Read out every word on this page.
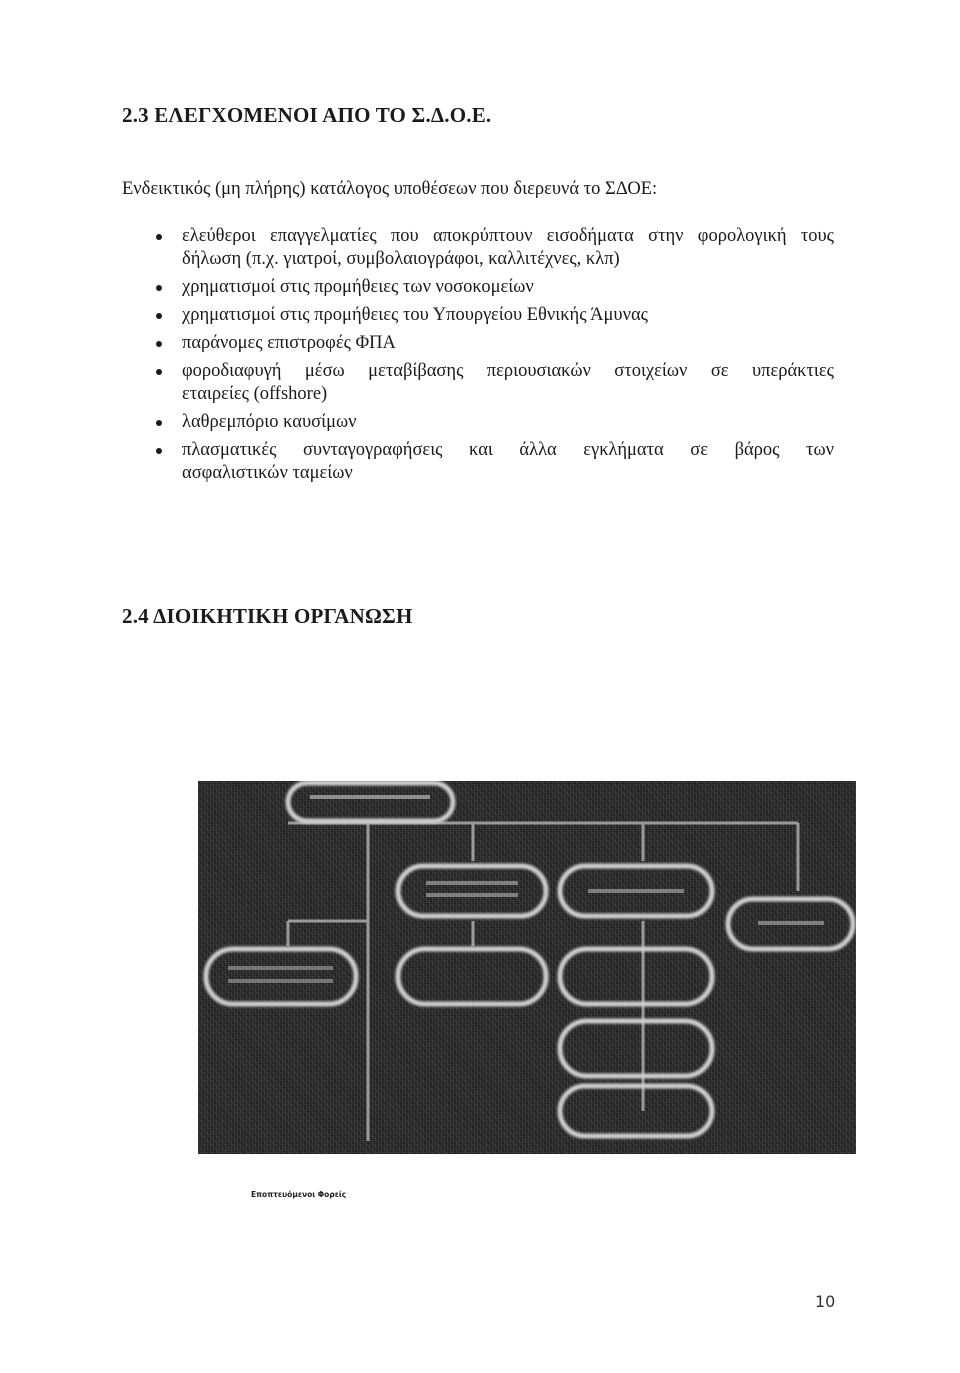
2.3 ΕΛΕΓΧΟΜΕΝΟΙ ΑΠΟ ΤΟ Σ.Δ.Ο.Ε.
Ενδεικτικός (μη πλήρης) κατάλογος υποθέσεων που διερευνά το ΣΔΟΕ:
ελεύθεροι επαγγελματίες που αποκρύπτουν εισοδήματα στην φορολογική τους
δήλωση (π.χ. γιατροί, συμβολαιογράφοι, καλλιτέχνες, κλπ)
χρηματισμοί στις προμήθειες των νοσοκομείων
χρηματισμοί στις προμήθειες του Υπουργείου Εθνικής Άμυνας
παράνομες επιστροφές ΦΠΑ
φοροδιαφυγή μέσω μεταβίβασης περιουσιακών στοιχείων σε υπεράκτιες
εταιρείες (offshore)
λαθρεμπόριο καυσίμων
πλασματικές συνταγογραφήσεις και άλλα εγκλήματα σε βάρος των
ασφαλιστικών ταμείων
2.4 ΔΙΟΙΚΗΤΙΚΗ ΟΡΓΑΝΩΣΗ
Εποπτευόμενοι Φορείς
10
